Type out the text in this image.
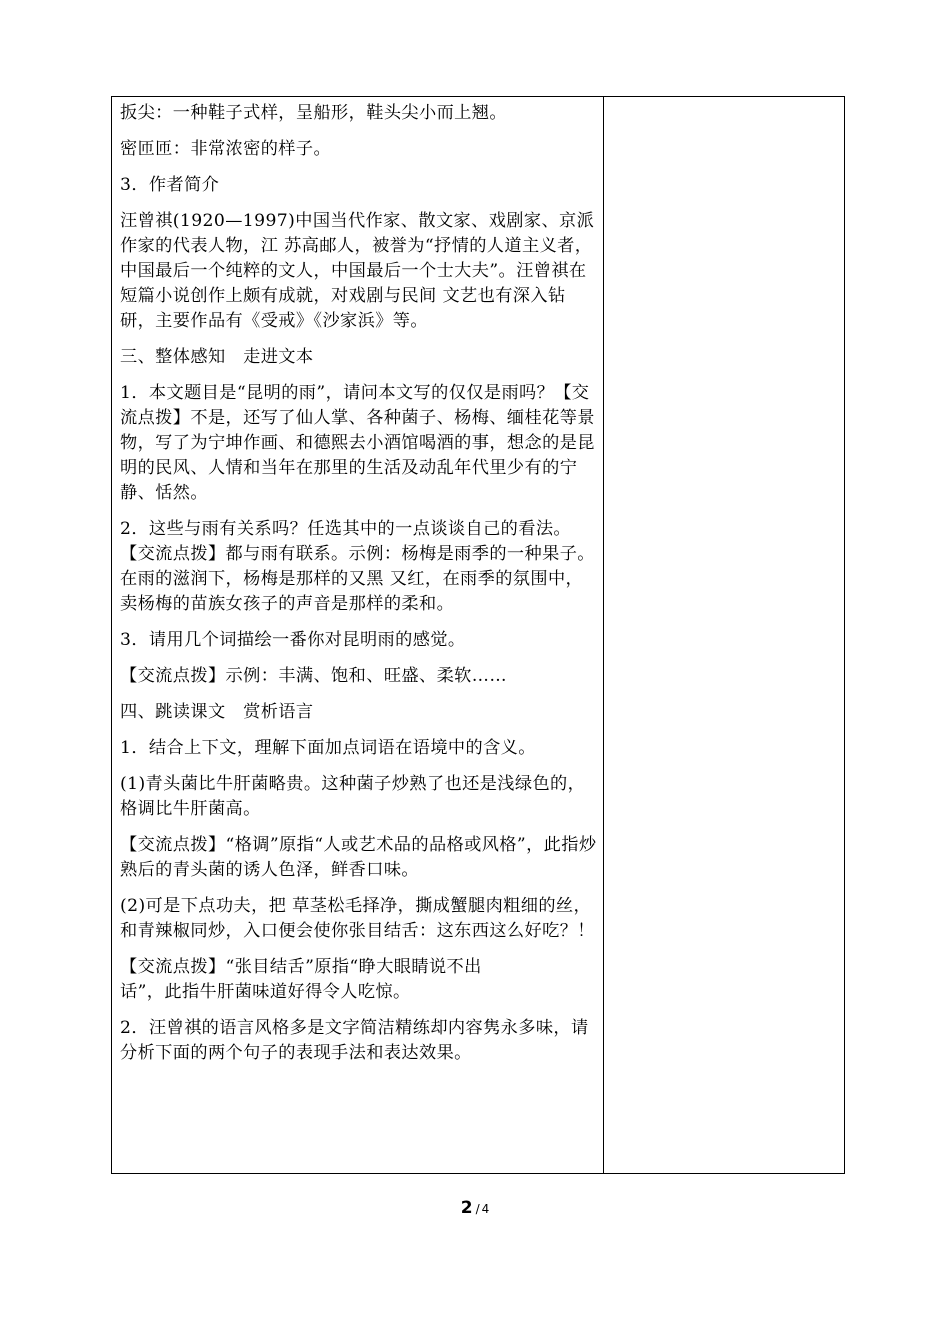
扳尖：一种鞋子式样，呈船形，鞋头尖小而上翘。

密匝匝：非常浓密的样子。

3．作者简介

汪曾祺(1920—1997)中国当代作家、散文家、戏剧家、京派作家的代表人物，江 苏高邮人，被誉为“抒情的人道主义者，中国最后一个纯粹的文人，中国最后一个士大夫”。汪曾祺在短篇小说创作上颇有成就，对戏剧与民间 文艺也有深入钻研，主要作品有《受戒》《沙家浜》等。

三、整体感知　走进文本

1．本文题目是“昆明的雨”，请问本文写的仅仅是雨吗？【交流点拨】不是，还写了仙人掌、各种菌子、杨梅、缅桂花等景物，写了为宁坤作画、和德熙去小酒馆喝酒的事，想念的是昆明的民风、人情和当年在那里的生活及动乱年代里少有的宁静、恬然。

2．这些与雨有关系吗？任选其中的一点谈谈自己的看法。【交流点拨】都与雨有联系。示例：杨梅是雨季的一种果子。在雨的滋润下，杨梅是那样的又黑 又红，在雨季的氛围中，卖杨梅的苗族女孩子的声音是那样的柔和。

3．请用几个词描绘一番你对昆明雨的感觉。

【交流点拨】示例：丰满、饱和、旺盛、柔软……

四、跳读课文　赏析语言

1．结合上下文，理解下面加点词语在语境中的含义。

(1)青头菌比牛肝菌略贵。这种菌子炒熟了也还是浅绿色的，格调比牛肝菌高。

【交流点拨】“格调”原指“人或艺术品的品格或风格”，此指炒熟后的青头菌的诱人色泽，鲜香口味。

(2)可是下点功夫，把 草茎松毛择净，撕成蟹腿肉粗细的丝，和青辣椒同炒，入口便会使你张目结舌：这东西这么好吃？！

【交流点拨】“张目结舌”原指“睁大眼睛说不出
话”，此指牛肝菌味道好得令人吃惊。

2．汪曾祺的语言风格多是文字简洁精练却内容隽永多味，请分析下面的两个句子的表现手法和表达效果。

2 / 4
